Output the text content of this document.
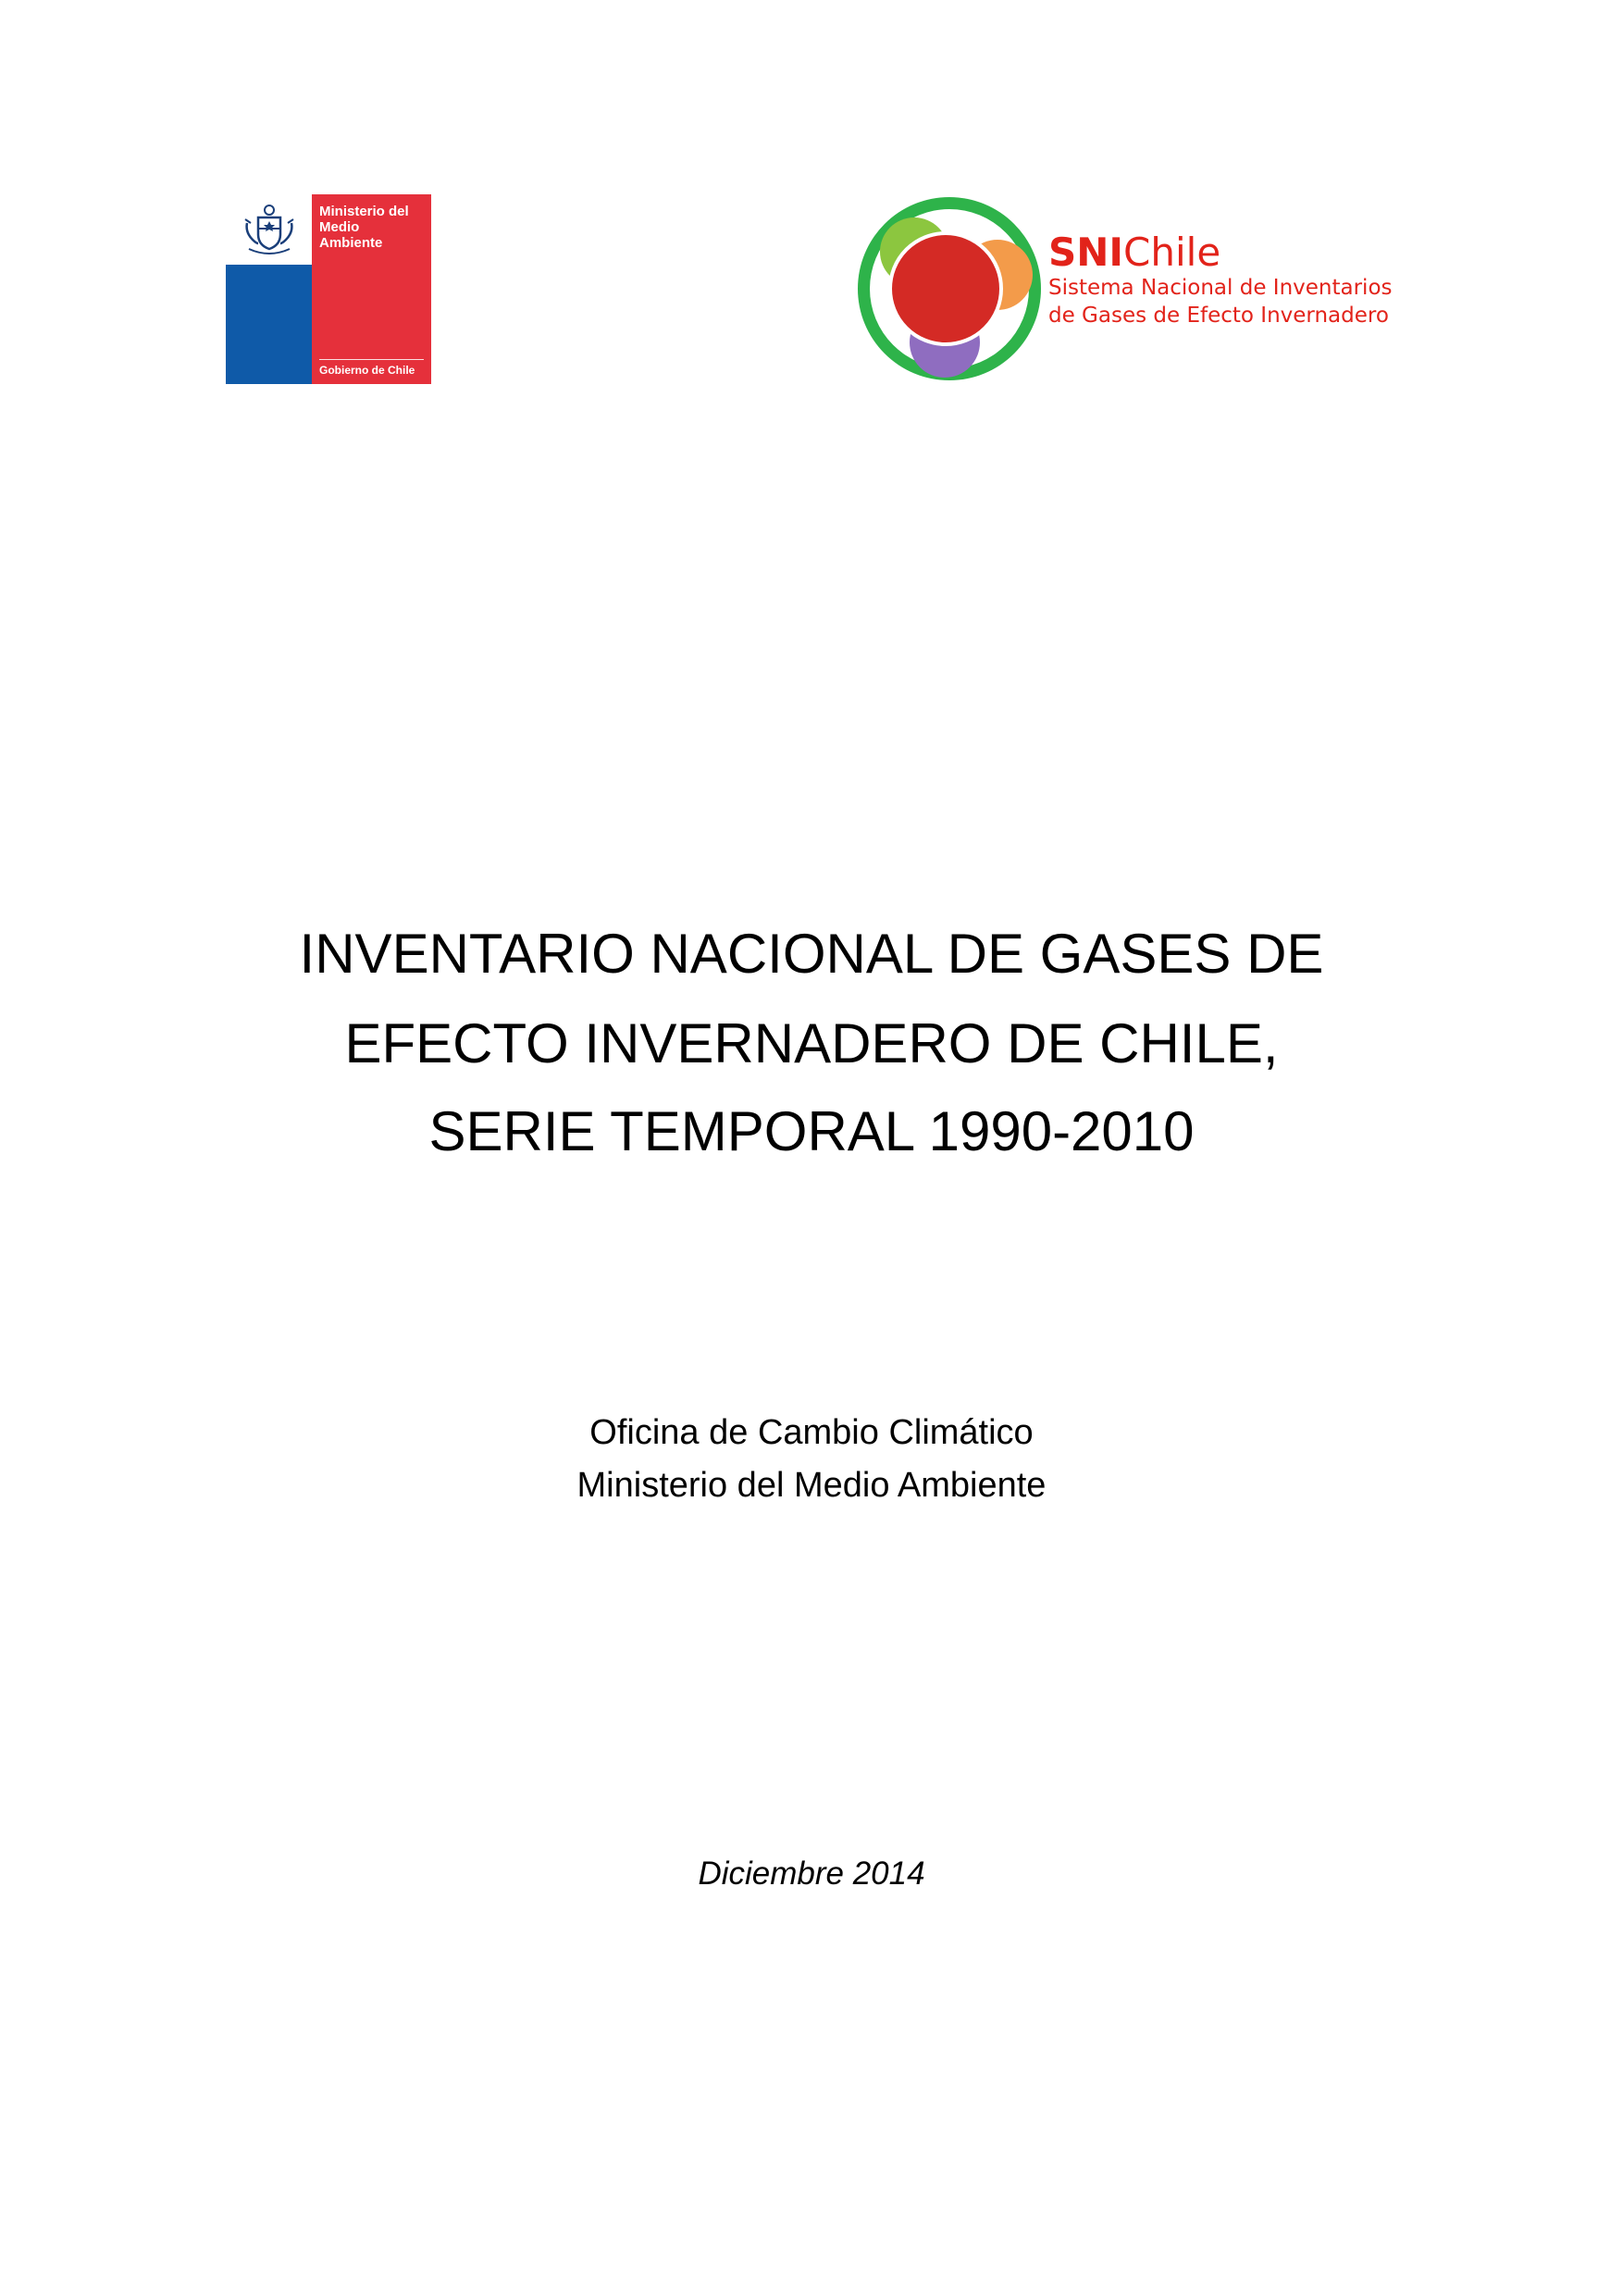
Ministerio del
Medio
Ambiente
Gobierno de Chile
SNIChile
Sistema Nacional de Inventarios
de Gases de Efecto Invernadero
INVENTARIO NACIONAL DE GASES DE
EFECTO INVERNADERO DE CHILE,
SERIE TEMPORAL 1990-2010
Oficina de Cambio Climático
Ministerio del Medio Ambiente
Diciembre 2014
